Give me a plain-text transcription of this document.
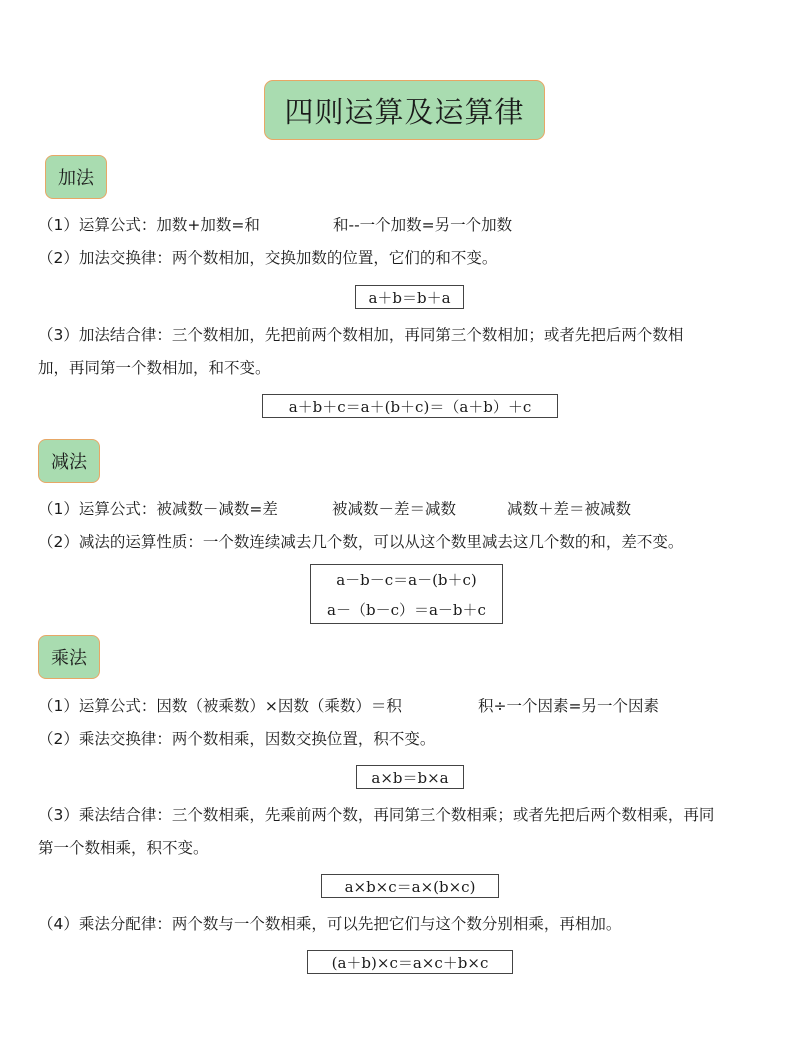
四则运算及运算律
加法
（1）运算公式：加数+加数=和	和--一个加数=另一个加数
（2）加法交换律：两个数相加，交换加数的位置，它们的和不变。
a＋b＝b＋a
（3）加法结合律：三个数相加，先把前两个数相加，再同第三个数相加；或者先把后两个数相
加，再同第一个数相加，和不变。
a＋b＋c＝a＋(b＋c)＝（a＋b）＋c
减法
（1）运算公式：被减数－减数=差	被减数－差＝减数	减数＋差＝被减数
（2）减法的运算性质：一个数连续减去几个数，可以从这个数里减去这几个数的和，差不变。
a－b－c＝a－(b＋c)
a－（b－c）＝a－b＋c
乘法
（1）运算公式：因数（被乘数）×因数（乘数）＝积	积÷一个因素=另一个因素
（2）乘法交换律：两个数相乘，因数交换位置，积不变。
a×b＝b×a
（3）乘法结合律：三个数相乘，先乘前两个数，再同第三个数相乘；或者先把后两个数相乘，再同
第一个数相乘，积不变。
a×b×c＝a×(b×c)
（4）乘法分配律：两个数与一个数相乘，可以先把它们与这个数分别相乘，再相加。
(a＋b)×c＝a×c＋b×c
